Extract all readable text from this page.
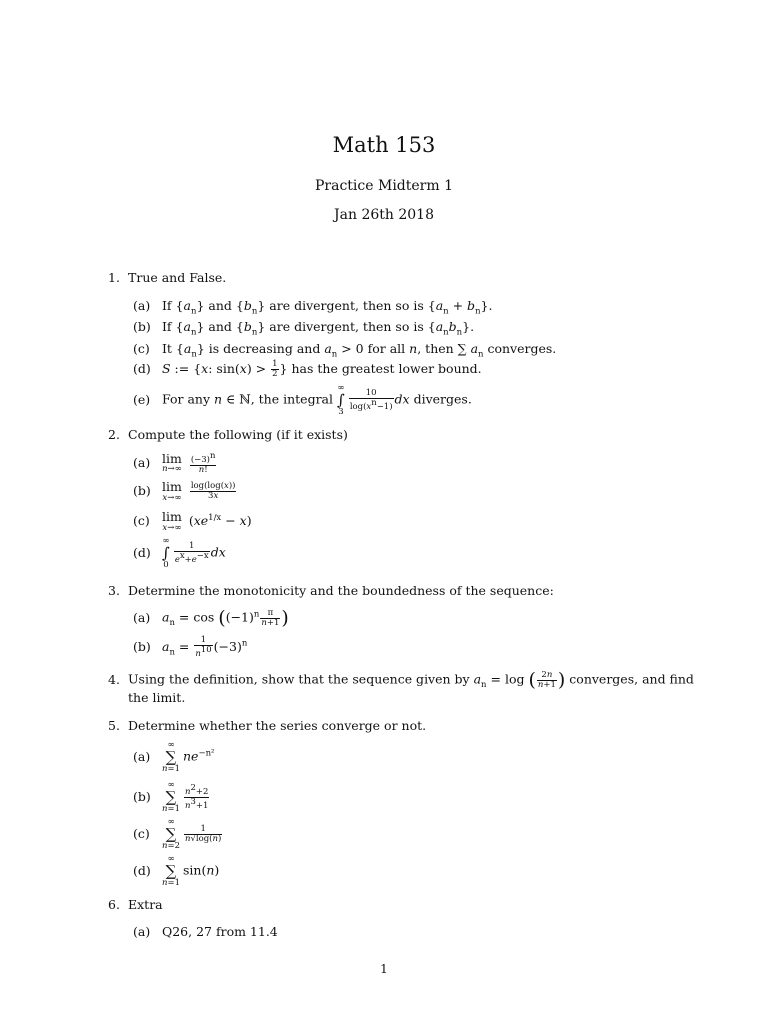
Math 153
Practice Midterm 1
Jan 26th 2018
1. True and False.
(a) If $\{a_n\}$ and $\{b_n\}$ are divergent, then so is $\{a_n + b_n\}$.
(b) If $\{a_n\}$ and $\{b_n\}$ are divergent, then so is $\{a_nb_n\}$.
(c) It $\{a_n\}$ is decreasing and $a_n > 0$ for all n, then ∑ $a_n$ converges.
(d) S := {x: $\sin(x) > \frac{1}{2}$ } has the greatest lower bound.
(e) For any n ∈ ℕ, the integral
∞
∫
3
$\frac{10}{\log(x^n-1)}$ dx diverges.
2. Compute the following (if it exists)
(a) lim
n→∞
$\frac{(-3)^n}{n!}$
(b) lim
x→∞
$\frac{\log(\log(x))}{3x}$
(c) lim
x→∞ $(xe^{1/x} - x)$
(d)
∞
∫
0
$\frac{1}{e^x+e^{-x}}$ dx
3. Determine the monotonicity and the boundedness of the sequence:
(a) $a_n = \cos ((-1)^n \frac{\pi}{n+1}$ )
(b) $a_n = \frac{1}{n^{10}} (-3)^n$
4. Using the definition, show that the sequence given by $a_n = \log$ ( $\frac{2n}{n+1}$ ) converges, and find
the limit.
5. Determine whether the series converge or not.
(a)
∞
∑
n=1
$ne^{-n^2}$
(b)
∞
∑
$n=1 \frac{n^2+2}{n^3+1}$
(c)
∞
∑
n=2
$\frac{1}{n√\log(n)}$
(d)
∞
∑
n=1
sin(n)
6. Extra
(a) Q26, 27 from 11.4
1
